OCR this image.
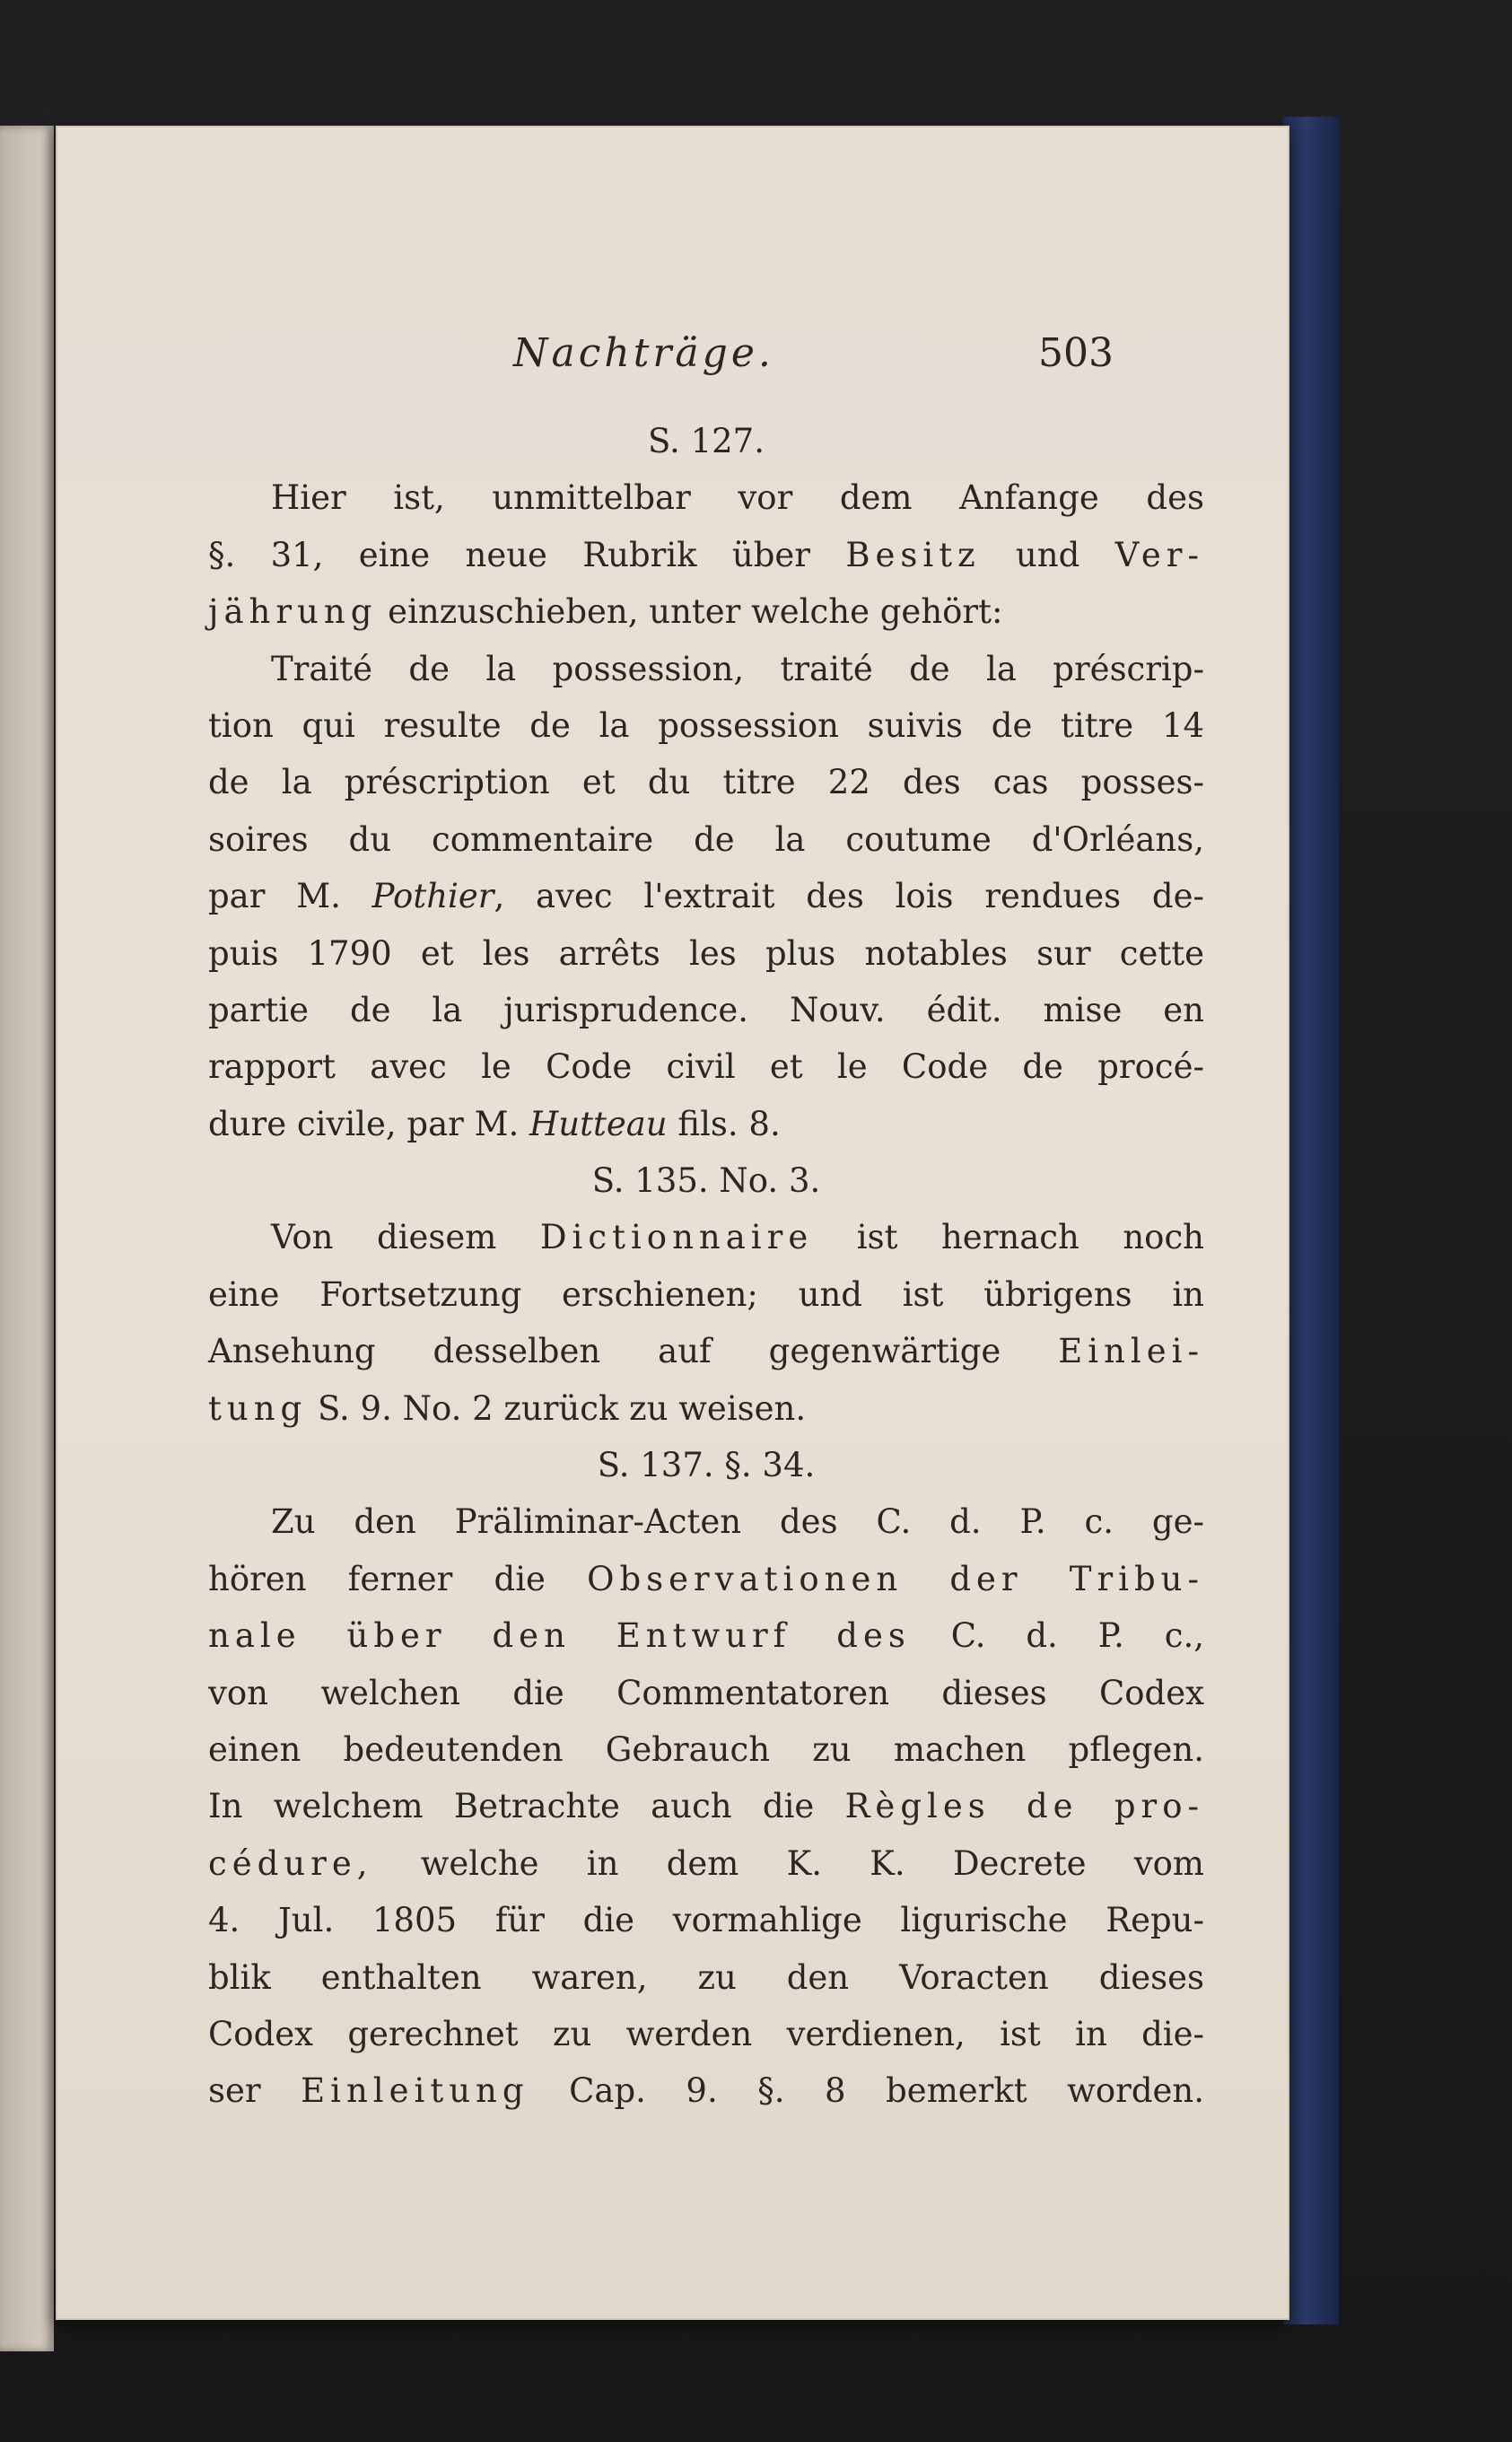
Nachträge.	503
S. 127.
Hier ist, unmittelbar vor dem Anfange des
§. 31, eine neue Rubrik über Besitz und Ver-
jährung einzuschieben, unter welche gehört:
Traité de la possession, traité de la préscrip-
tion qui resulte de la possession suivis de titre 14
de la préscription et du titre 22 des cas posses-
soires du commentaire de la coutume d'Orléans,
par M. Pothier, avec l'extrait des lois rendues de-
puis 1790 et les arrêts les plus notables sur cette
partie de la jurisprudence. Nouv. édit. mise en
rapport avec le Code civil et le Code de procé-
dure civile, par M. Hutteau fils. 8.
S. 135. No. 3.
Von diesem Dictionnaire ist hernach noch
eine Fortsetzung erschienen; und ist übrigens in
Ansehung desselben auf gegenwärtige Einlei-
tung S. 9. No. 2 zurück zu weisen.
S. 137. §. 34.
Zu den Präliminar-Acten des C. d. P. c. ge-
hören ferner die Observationen der Tribu-
nale über den Entwurf des C. d. P. c.,
von welchen die Commentatoren dieses Codex
einen bedeutenden Gebrauch zu machen pflegen.
In welchem Betrachte auch die Règles de pro-
cédure, welche in dem K. K. Decrete vom
4. Jul. 1805 für die vormahlige ligurische Repu-
blik enthalten waren, zu den Voracten dieses
Codex gerechnet zu werden verdienen, ist in die-
ser Einleitung Cap. 9. §. 8 bemerkt worden.
